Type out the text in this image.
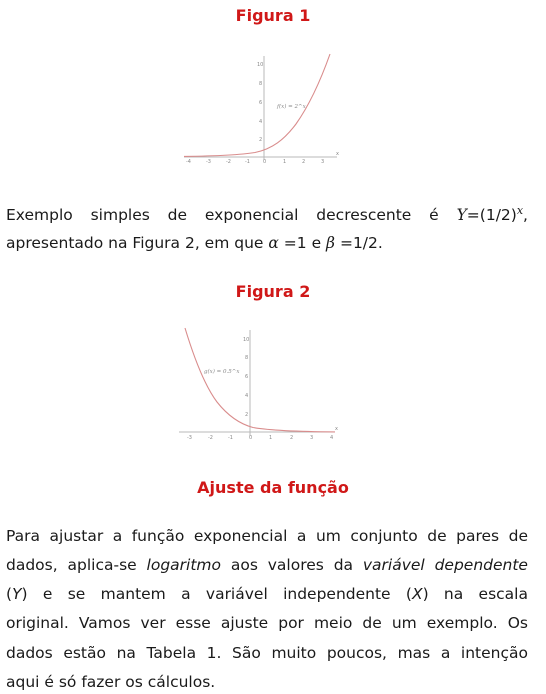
Figura 1
-4	-3	-2	-1	0	1	2	3
x
2
4
6
8
10
f(x) = 2^x
Exemplo simples de exponencial decrescente é $Y=(1/2)^x$,
apresentado na Figura 2, em que α =1 e β =1/2.
Figura 2
-3	-2	-1	0	1	2	3	4
x
2
4
6
8
10
g(x) = 0.5^x
Ajuste da função
Para ajustar a função exponencial a um conjunto de pares de
dados, aplica-se logaritmo aos valores da variável dependente
(Y) e se mantem a variável independente (X) na escala
original. Vamos ver esse ajuste por meio de um exemplo. Os
dados estão na Tabela 1. São muito poucos, mas a intenção
aqui é só fazer os cálculos.
